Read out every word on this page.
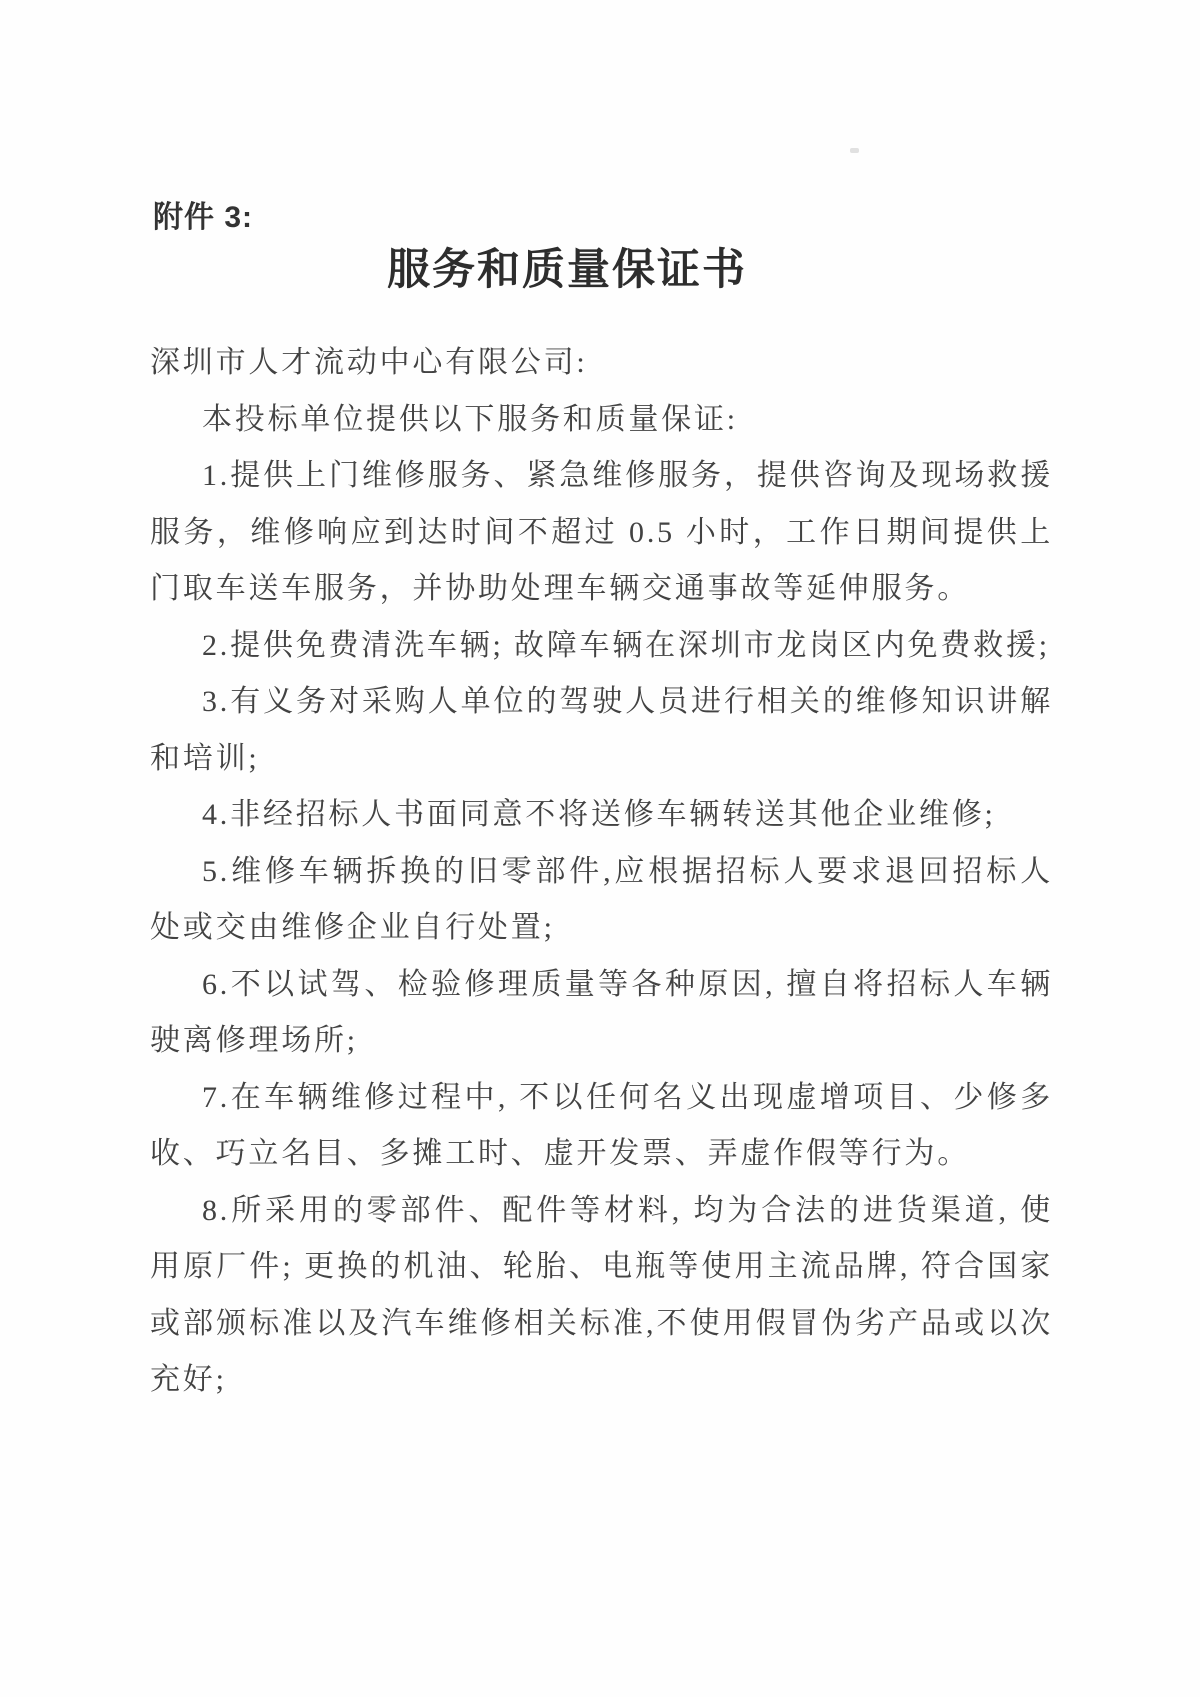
附件 3:
服务和质量保证书

深圳市人才流动中心有限公司:

本投标单位提供以下服务和质量保证:

1.提供上门维修服务、紧急维修服务，提供咨询及现场救援服务，维修响应到达时间不超过 0.5 小时，工作日期间提供上门取车送车服务，并协助处理车辆交通事故等延伸服务。

2.提供免费清洗车辆; 故障车辆在深圳市龙岗区内免费救援;

3.有义务对采购人单位的驾驶人员进行相关的维修知识讲解和培训;

4.非经招标人书面同意不将送修车辆转送其他企业维修;

5.维修车辆拆换的旧零部件,应根据招标人要求退回招标人处或交由维修企业自行处置;

6.不以试驾、检验修理质量等各种原因, 擅自将招标人车辆驶离修理场所;

7.在车辆维修过程中, 不以任何名义出现虚增项目、少修多收、巧立名目、多摊工时、虚开发票、弄虚作假等行为。

8.所采用的零部件、配件等材料, 均为合法的进货渠道, 使用原厂件; 更换的机油、轮胎、电瓶等使用主流品牌, 符合国家或部颁标准以及汽车维修相关标准,不使用假冒伪劣产品或以次充好;
